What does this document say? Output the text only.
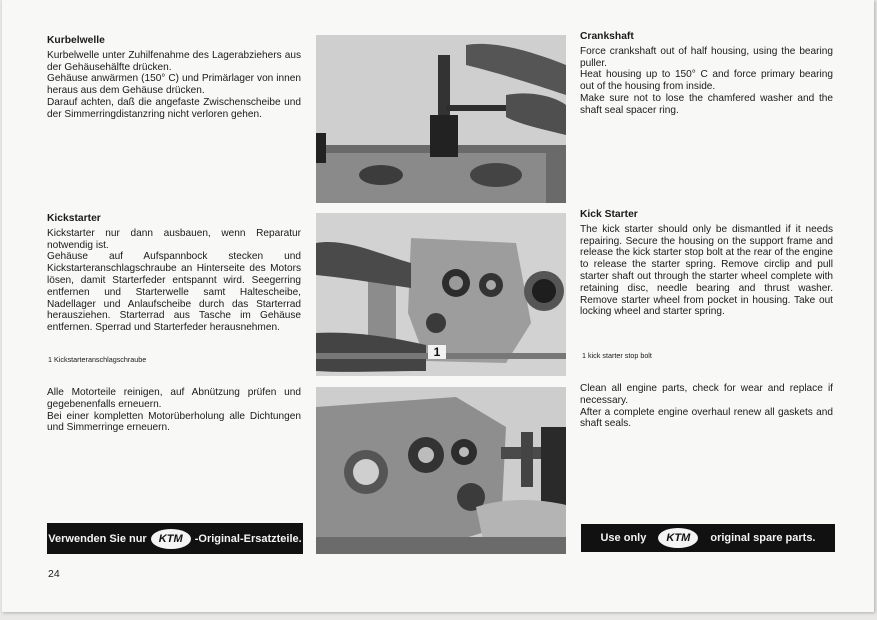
Kurbelwelle

Kurbelwelle unter Zuhilfenahme des Lagerabziehers aus der Gehäusehälfte drücken.

Gehäuse anwärmen (150° C) und Primärlager von innen heraus aus dem Gehäuse drücken.

Darauf achten, daß die angefaste Zwischenscheibe und der Simmerringdistanzring nicht verloren gehen.

Kickstarter

Kickstarter nur dann ausbauen, wenn Reparatur notwendig ist.

Gehäuse auf Aufspannbock stecken und Kickstarteranschlagschraube an Hinterseite des Motors lösen, damit Starterfeder entspannt wird. Seegerring entfernen und Starterwelle samt Haltescheibe, Nadellager und Anlaufscheibe durch das Starterrad herausziehen. Starterrad aus Tasche im Gehäuse entfernen. Sperrad und Starterfeder herausnehmen.

1 Kickstarteranschlagschraube

Alle Motorteile reinigen, auf Abnützung prüfen und gegebenenfalls erneuern.

Bei einer kompletten Motorüberholung alle Dichtungen und Simmerringe erneuern.

Verwenden Sie nur	KTM	-Original-Ersatzteile.
24
1
Crankshaft

Force crankshaft out of half housing, using the bearing puller.

Heat housing up to 150° C and force primary bearing out of the housing from inside.

Make sure not to lose the chamfered washer and the shaft seal spacer ring.

Kick Starter

The kick starter should only be dismantled if it needs repairing. Secure the housing on the support frame and release the kick starter stop bolt at the rear of the engine to release the starter spring. Remove circlip and pull starter shaft out through the starter wheel complete with retaining disc, needle bearing and thrust washer. Remove starter wheel from pocket in housing. Take out locking wheel and starter spring.

1 kick starter stop bolt

Clean all engine parts, check for wear and replace if necessary.

After a complete engine overhaul renew all gaskets and shaft seals.

Use only	KTM	original spare parts.
